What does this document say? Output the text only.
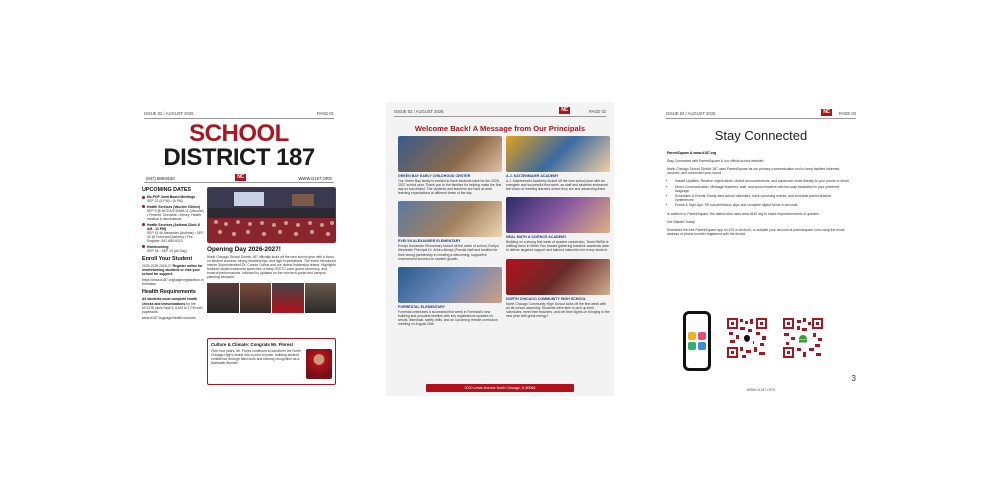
ISSUE 02 / AUGUST 2026	PAGE 01
SCHOOL
DISTRICT 187
(847) 689-8150	NC	WWW.D187.ORG
UPCOMING DATES
Mc-FOP Joint Board Meetings
SEP 22 (6 PM) • (6 PM)
Health Services (Vaccine Clinics)
SEP 5 @ NCCA 8:30AM-11 (Vaccine) • Present: Checklist • Jersey, Health, medical & vaccinations
Health Services (Asthma Clinic 8 AM - 11 PM)
SEP 15 @ Alexander (Asthma) • SEP 30 @ Forrestal (Asthma) • Pre-Register: 847-689-6323
Homecoming
SEP 18 - SEP 19 (All Day)
Enroll Your Student
2025-2026 2026-27 Register online for new/returning students or visit your school for support.
https://www.d187.org/page/registration-information
Health Requirements
All students must complete health checks and immunizations for the NCCHS clinic Sept 5, 8 AM to 1 PM with paperwork.
www.d187.org/page/health-services
Opening Day 2026-2027!
North Chicago School District 187 officially kicks off the new school year with a focus on student success, strong relationships, and high expectations. The event introduced interim Superintendent Dr. Connie Collins and our district leadership teams. Highlights featured student welcome speeches, a Navy JROTC color guard ceremony, and musical performances, followed by updates on the new tech portal and campus planning sessions.
Culture & Climate: Congrats Mr. Flores!
Over four years, Mr. Flores continues to transform the North Chicago High's brand into a point of pride, building student confidence through hard work and earning recognition as a Warhawk Wonder.
ISSUE 02 / AUGUST 2026	NC	PAGE 02
Welcome Back! A Message from Our Principals
GREEN BAY EARLY CHILDHOOD CENTER
Our Green Bay family is excited to have students back for the 2026-2027 school year. Thank you to the families for helping make the first day so successful. The students and teachers are hard at work learning expectations at different times of the day.
EVELYN ALEXANDER ELEMENTARY
Evelyn Alexander Elementary kicked off the week of school, Evelyn Alexander Principal Dr. Arturo Almajo (Panola staff and families for their strong partnership in creating a welcoming, supportive environment focused on student growth.
FORRESTAL ELEMENTARY
Forrestal celebrates a successful first week in Forrestal's new building and proudest families with key registrations updates on arrival, dismissal, safety drills, and an upcoming remote curriculum meeting on August 26th.
A.J. KATZENMAIER ACADEMY
A.J. Katzenmaier Academy kicked off the new school year with an energetic and successful first week, as staff and students embraced the vision of meeting learners where they are and advancing them.
NEAL MATH & SCIENCE ACADEMY
Building on a strong first week of student connection, Team NMSA is shifting focus in Week Two toward gathering baseline academic data to deliver targeted support and tailored instruction for every student.
NORTH CHICAGO COMMUNITY HIGH SCHOOL
North Chicago Community High School kicks off the first week with an all-school assembly. Students were able to pick up their schedules, meet their teachers, and set their sights on bringing in the new year with great energy!
2000 Lewis Avenue North Chicago, IL 60064
ISSUE 02 / AUGUST 2026	NC	PAGE 03
Stay Connected

ParentSquare & www.d187.org

Stay Connected with ParentSquare & our official school website!

North Chicago School District 187 uses ParentSquare as our primary communication tool to keep families informed, involved, and connected year-round.

• Instant Updates: Receive urgent alerts, district announcements, and classroom news directly to your phone or email.
• Direct Communication: Message teachers, staff, and school leaders with two-way translation in your preferred language.
• Schedules & Events: Easily view school calendars, track upcoming events, and schedule parent-teacher conferences.
• Forms & Sign-Ups: Fill out permission slips and complete digital forms in seconds.

In addition to ParentSquare, the district also uses www.d187.org to share important events & updates.

Get Started Today!

Download the free ParentSquare app on iOS or Android, or activate your account at parentsquare.com using the email address or phone number registered with the district.

3
WWW.D187.ORG
